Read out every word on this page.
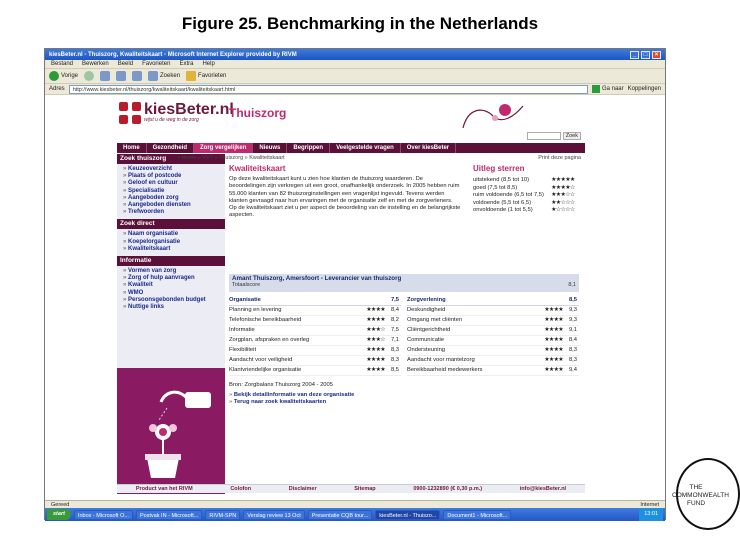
Figure 25. Benchmarking in the Netherlands
kiesBeter.nl - Thuiszorg, Kwaliteitskaart - Microsoft Internet Explorer provided by RIVM	_	□	×
Bestand Bewerken Beeld Favorieten Extra Help
Vorige	Zoeken	Favorieten
Adres	http://www.kiesbeter.nl/thuiszorg/kwaliteitskaart/kwaliteitskaart.html	Ga naar Koppelingen
kiesBeter.nl
wijst u de weg in de zorg	Thuiszorg
Zoek
Home	Gezondheid	Zorg vergelijken	Nieuws	Begrippen	Veelgestelde vragen	Over kiesBeter
Zoek thuiszorg
» Keuzeoverzicht
» Plaats of postcode
» Geloof en cultuur
» Specialisatie
» Aangeboden zorg
» Aangeboden diensten
» Trefwoorden
Zoek direct
» Naam organisatie
» Koepelorganisatie
» Kwaliteitskaart
Informatie
» Vormen van zorg
» Zorg of hulp aanvragen
» Kwaliteit
» WMO
» Persoonsgebonden budget
» Nuttige links
» Home » VVT » Thuiszorg » Kwaliteitskaart	Print deze pagina
Kwaliteitskaart
Op deze kwaliteitskaart kunt u zien hoe klanten de thuiszorg waarderen. De beoordelingen zijn verkregen uit een groot, onafhankelijk onderzoek. In 2005 hebben ruim 55.000 klanten van 82 thuiszorginstellingen een vragenlijst ingevuld. Tevens werden klanten gevraagd naar hun ervaringen met de organisatie zelf en met de zorgverleners. Op de kwaliteitskaart ziet u per aspect de beoordeling van de instelling en de belangrijkste aspecten.
Uitleg sterren
uitstekend (8,5 tot 10)	★★★★★
goed (7,5 tot 8,5)	★★★★☆
ruim voldoende (6,5 tot 7,5)	★★★☆☆
voldoende (5,5 tot 6,5)	★★☆☆☆
onvoldoende (1 tot 5,5)	★☆☆☆☆
Amant Thuiszorg, Amersfoort - Leverancier van thuiszorg
Totaalscore	8,1
Organisatie		7,5
Planning en levering	★★★★	8,4
Telefonische bereikbaarheid	★★★★	8,2
Informatie	★★★☆	7,5
Zorgplan, afspraken en overleg	★★★☆	7,1
Flexibiliteit	★★★★	8,3
Aandacht voor veiligheid	★★★★	8,3
Klantvriendelijke organisatie	★★★★	8,5
Zorgverlening		8,5
Deskundigheid	★★★★	9,3
Omgang met cliënten	★★★★	9,3
Cliëntgerichtheid	★★★★	9,1
Communicatie	★★★★	8,4
Ondersteuning	★★★★	8,3
Aandacht voor mantelzorg	★★★★	8,3
Bereikbaarheid medewerkers	★★★★	9,4
Bron: Zorgbalans Thuiszorg 2004 - 2005
» Bekijk detailinformatie van deze organisatie
» Terug naar zoek kwaliteitskaarten
Product van het RIVM	Colofon	Disclaimer	Sitemap	0900-1232890 (€ 0,30 p.m.)	info@kiesBeter.nl
Gereed	Internet
start	Inbox - Microsoft O...	Postvak IN - Microsoft...	RIVM-SPN	Verslag review 13 Oct	Presentatie CQB tour...	kiesBeter.nl - Thuiszo...	Document1 - Microsoft...	13:01
THE
COMMONWEALTH
FUND
